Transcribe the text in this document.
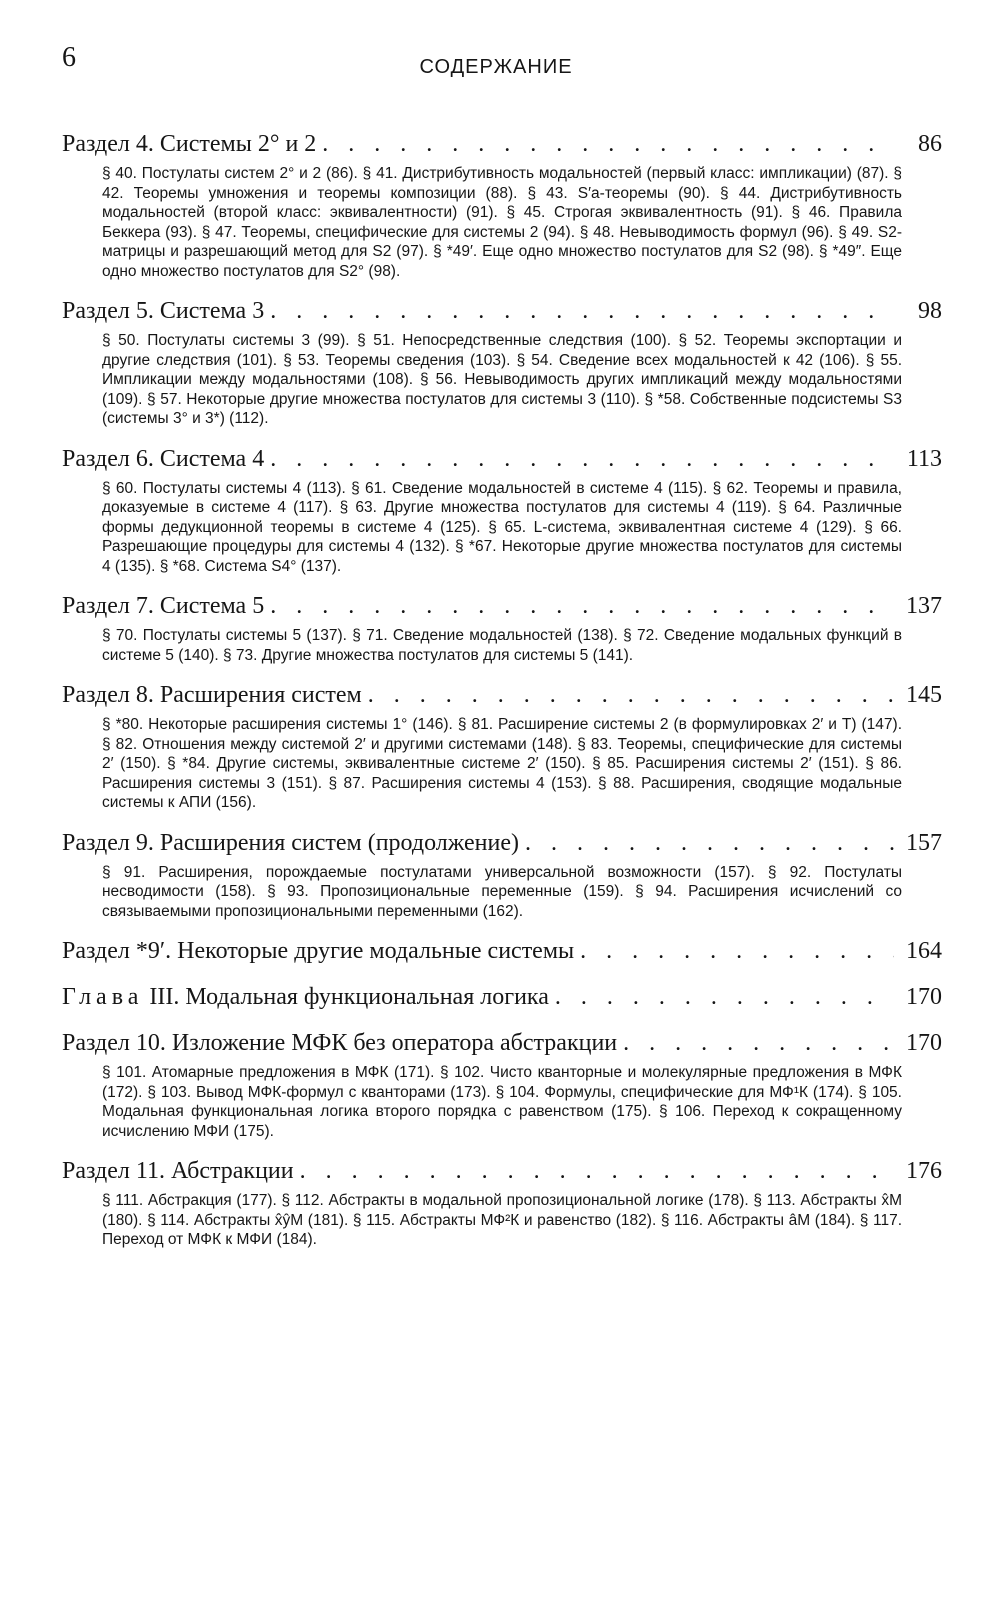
6	СОДЕРЖАНИЕ
Раздел 4. Системы 2° и 2 . . .	86
§ 40. Постулаты систем 2° и 2 (86). § 41. Дистрибутивность модальностей (первый класс: импликации) (87). § 42. Теоремы умножения и теоремы композиции (88). § 43. S′a-теоремы (90). § 44. Дистрибутивность модальностей (второй класс: эквивалентности) (91). § 45. Строгая эквивалентность (91). § 46. Правила Беккера (93). § 47. Теоремы, специфические для системы 2 (94). § 48. Невыводимость формул (96). § 49. S2-матрицы и разрешающий метод для S2 (97). § *49′. Еще одно множество постулатов для S2 (98). § *49″. Еще одно множество постулатов для S2° (98).
Раздел 5. Система 3 . . .	98
§ 50. Постулаты системы 3 (99). § 51. Непосредственные следствия (100). § 52. Теоремы экспортации и другие следствия (101). § 53. Теоремы сведения (103). § 54. Сведение всех модальностей к 42 (106). § 55. Импликации между модальностями (108). § 56. Невыводимость других импликаций между модальностями (109). § 57. Некоторые другие множества постулатов для системы 3 (110). § *58. Собственные подсистемы S3 (системы 3° и 3*) (112).
Раздел 6. Система 4 . . .	113
§ 60. Постулаты системы 4 (113). § 61. Сведение модальностей в системе 4 (115). § 62. Теоремы и правила, доказуемые в системе 4 (117). § 63. Другие множества постулатов для системы 4 (119). § 64. Различные формы дедукционной теоремы в системе 4 (125). § 65. L-система, эквивалентная системе 4 (129). § 66. Разрешающие процедуры для системы 4 (132). § *67. Некоторые другие множества постулатов для системы 4 (135). § *68. Система S4° (137).
Раздел 7. Система 5 . . .	137
§ 70. Постулаты системы 5 (137). § 71. Сведение модальностей (138). § 72. Сведение модальных функций в системе 5 (140). § 73. Другие множества постулатов для системы 5 (141).
Раздел 8. Расширения систем . . .	145
§ *80. Некоторые расширения системы 1° (146). § 81. Расширение системы 2 (в формулировках 2′ и T) (147). § 82. Отношения между системой 2′ и другими системами (148). § 83. Теоремы, специфические для системы 2′ (150). § *84. Другие системы, эквивалентные системе 2′ (150). § 85. Расширения системы 2′ (151). § 86. Расширения системы 3 (151). § 87. Расширения системы 4 (153). § 88. Расширения, сводящие модальные системы к АПИ (156).
Раздел 9. Расширения систем (продолжение) . . .	157
§ 91. Расширения, порождаемые постулатами универсальной возможности (157). § 92. Постулаты несводимости (158). § 93. Пропозициональные переменные (159). § 94. Расширения исчислений со связываемыми пропозициональными переменными (162).
Раздел *9′. Некоторые другие модальные системы . . .	164
Глава III. Модальная функциональная логика . . .	170
Раздел 10. Изложение МФК без оператора абстракции . . .	170
§ 101. Атомарные предложения в МФК (171). § 102. Чисто кванторные и молекулярные предложения в МФК (172). § 103. Вывод МФК-формул с кванторами (173). § 104. Формулы, специфические для МФ¹К (174). § 105. Модальная функциональная логика второго порядка с равенством (175). § 106. Переход к сокращенному исчислению МФИ (175).
Раздел 11. Абстракции . . .	176
§ 111. Абстракция (177). § 112. Абстракты в модальной пропозициональной логике (178). § 113. Абстракты x̂M (180). § 114. Абстракты x̂ŷM (181). § 115. Абстракты МФ²К и равенство (182). § 116. Абстракты âM (184). § 117. Переход от МФК к МФИ (184).
